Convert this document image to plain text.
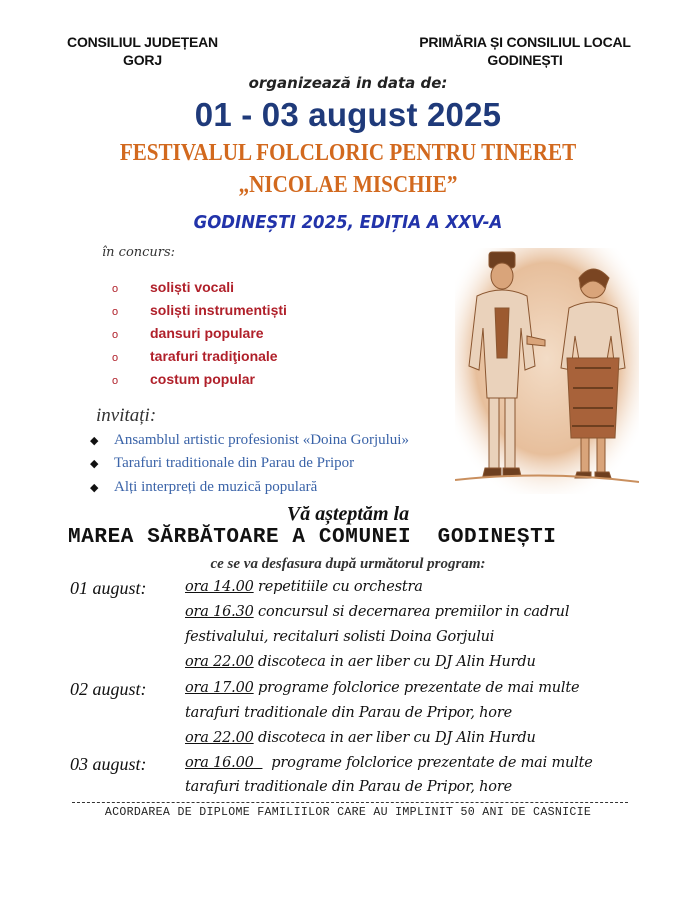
CONSILIUL JUDEȚEAN
GORJ
PRIMĂRIA ȘI CONSILIUL LOCAL
GODINEȘTI
organizează in data de:
01 - 03 august 2025
FESTIVALUL FOLCLORIC PENTRU TINERET
„NICOLAE MISCHIE”
GODINEȘTI 2025, EDIȚIA A XXV-A
în concurs:
o soliști vocali
o soliști instrumentiști
o dansuri populare
o tarafuri tradiţionale
o costum popular
invitați:
◆ Ansamblul artistic profesionist «Doina Gorjului»
◆ Tarafuri traditionale din Parau de Pripor
◆ Alți interpreți de muzică populară
Vă așteptăm la
MAREA SĂRBĂTOARE A COMUNEI  GODINEȘTI
ce se va desfasura după următorul program:
01 august:	ora 14.00 repetitiile cu orchestra
ora 16.30 concursul si decernarea premiilor in cadrul
festivalului, recitaluri solisti Doina Gorjului
ora 22.00 discoteca in aer liber cu DJ Alin Hurdu
02 august:	ora 17.00 programe folclorice prezentate de mai multe
tarafuri traditionale din Parau de Pripor, hore
ora 22.00 discoteca in aer liber cu DJ Alin Hurdu
03 august:	ora 16.00    programe folclorice prezentate de mai multe
tarafuri traditionale din Parau de Pripor, hore
ACORDAREA DE DIPLOME FAMILIILOR CARE AU IMPLINIT 50 ANI DE CASNICIE
